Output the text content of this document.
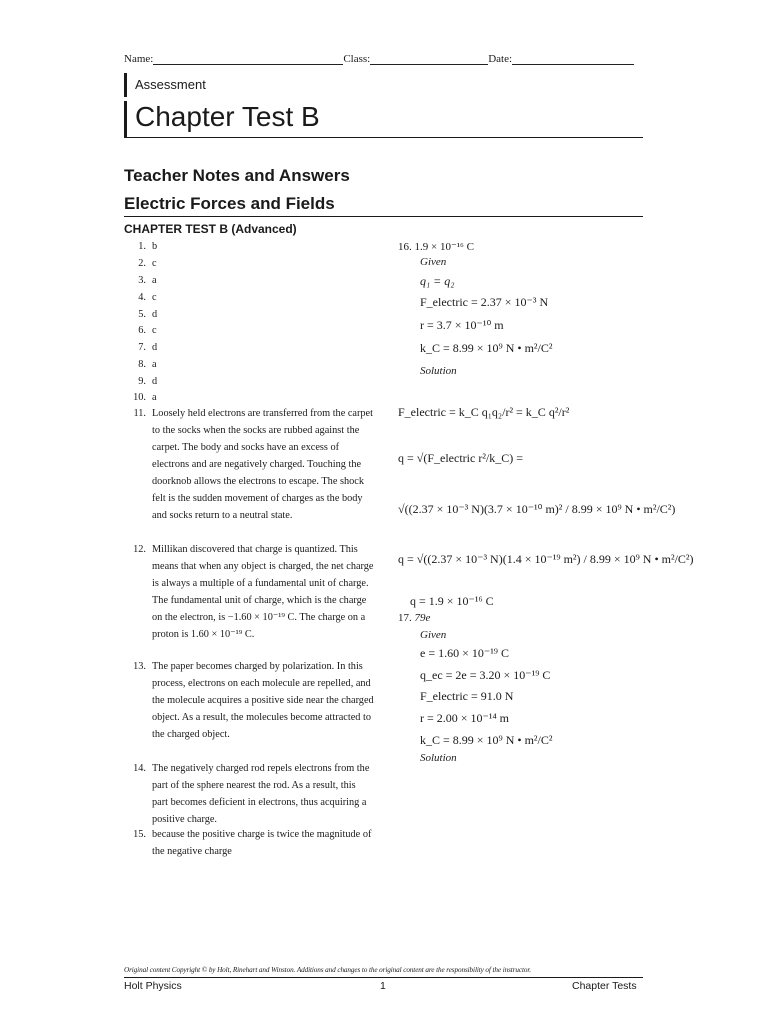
Name:	Class:	Date:
Assessment
Chapter Test B
Teacher Notes and Answers
Electric Forces and Fields
CHAPTER TEST B (Advanced)
1. b
2. c
3. a
4. c
5. d
6. c
7. d
8. a
9. d
10. a
11. Loosely held electrons are transferred from the carpet to the socks when the socks are rubbed against the carpet. The body and socks have an excess of electrons and are negatively charged. Touching the doorknob allows the electrons to escape. The shock felt is the sudden movement of charges as the body and socks return to a neutral state.
12. Millikan discovered that charge is quantized. This means that when any object is charged, the net charge is always a multiple of a fundamental unit of charge. The fundamental unit of charge, which is the charge on the electron, is −1.60 × 10⁻¹⁹ C. The charge on a proton is 1.60 × 10⁻¹⁹ C.
13. The paper becomes charged by polarization. In this process, electrons on each molecule are repelled, and the molecule acquires a positive side near the charged object. As a result, the molecules become attracted to the charged object.
14. The negatively charged rod repels electrons from the part of the sphere nearest the rod. As a result, this part becomes deficient in electrons, thus acquiring a positive charge.
15. because the positive charge is twice the magnitude of the negative charge
16. 1.9 × 10⁻¹⁶ C
Given
q₁ = q₂
F_electric = 2.37 × 10⁻³ N
r = 3.7 × 10⁻¹⁰ m
k_C = 8.99 × 10⁹ N • m²/C²
Solution
F_electric = k_C q₁q₂/r² = k_C q²/r²
q = √(F_electric r²/k_C) =
√((2.37 × 10⁻³ N)(3.7 × 10⁻¹⁰ m)² / 8.99 × 10⁹ N • m²/C²)
q = √((2.37 × 10⁻³ N)(1.4 × 10⁻¹⁹ m²) / 8.99 × 10⁹ N • m²/C²)
q = 1.9 × 10⁻¹⁶ C
17. 79e
Given
e = 1.60 × 10⁻¹⁹ C
q_ec = 2e = 3.20 × 10⁻¹⁹ C
F_electric = 91.0 N
r = 2.00 × 10⁻¹⁴ m
k_C = 8.99 × 10⁹ N • m²/C²
Solution
Original content Copyright © by Holt, Rinehart and Winston. Additions and changes to the original content are the responsibility of the instructor.
Holt Physics	1	Chapter Tests
